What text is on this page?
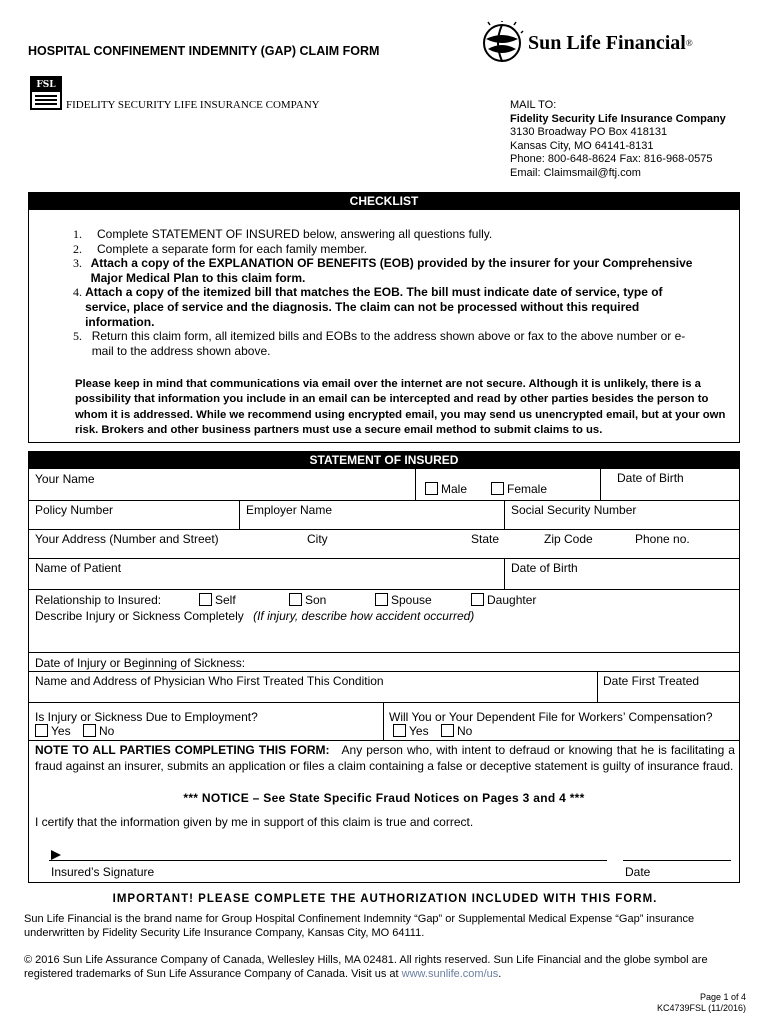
HOSPITAL CONFINEMENT INDEMNITY (GAP) CLAIM FORM
FSL
FIDELITY SECURITY LIFE INSURANCE COMPANY
Sun Life Financial ®
MAIL TO:
Fidelity Security Life Insurance Company
3130 Broadway PO Box 418131
Kansas City, MO 64141-8131
Phone: 800-648-8624 Fax: 816-968-0575
Email: Claimsmail@ftj.com
CHECKLIST
1.	Complete STATEMENT OF INSURED below, answering all questions fully.
2.	Complete a separate form for each family member.
3. Attach a copy of the EXPLANATION OF BENEFITS (EOB) provided by the insurer for your Comprehensive Major Medical Plan to this claim form.
4. Attach a copy of the itemized bill that matches the EOB. The bill must indicate date of service, type of service, place of service and the diagnosis. The claim can not be processed without this required information.
5. Return this claim form, all itemized bills and EOBs to the address shown above or fax to the above number or e-mail to the address shown above.
Please keep in mind that communications via email over the internet are not secure. Although it is unlikely, there is a possibility that information you include in an email can be intercepted and read by other parties besides the person to whom it is addressed. While we recommend using encrypted email, you may send us unencrypted email, but at your own risk. Brokers and other business partners must use a secure email method to submit claims to us.
STATEMENT OF INSURED
Your Name
Male	Female
Date of Birth
Policy Number	Employer Name	Social Security Number
Your Address (Number and Street)	City	State	Zip Code	Phone no.
Name of Patient	Date of Birth
Relationship to Insured:	Self	Son	Spouse	Daughter
Describe Injury or Sickness Completely (If injury, describe how accident occurred)
Date of Injury or Beginning of Sickness:
Name and Address of Physician Who First Treated This Condition	Date First Treated
Is Injury or Sickness Due to Employment?
Yes	No
Will You or Your Dependent File for Workers’ Compensation?
Yes	No
NOTE TO ALL PARTIES COMPLETING THIS FORM: Any person who, with intent to defraud or knowing that he is facilitating a fraud against an insurer, submits an application or files a claim containing a false or deceptive statement is guilty of insurance fraud.
*** NOTICE – See State Specific Fraud Notices on Pages 3 and 4 ***
I certify that the information given by me in support of this claim is true and correct.
Insured’s Signature	Date
IMPORTANT! PLEASE COMPLETE THE AUTHORIZATION INCLUDED WITH THIS FORM.
Sun Life Financial is the brand name for Group Hospital Confinement Indemnity “Gap” or Supplemental Medical Expense “Gap” insurance underwritten by Fidelity Security Life Insurance Company, Kansas City, MO 64111.
© 2016 Sun Life Assurance Company of Canada, Wellesley Hills, MA 02481. All rights reserved. Sun Life Financial and the globe symbol are registered trademarks of Sun Life Assurance Company of Canada. Visit us at www.sunlife.com/us.
Page 1 of 4
KC4739FSL (11/2016)
